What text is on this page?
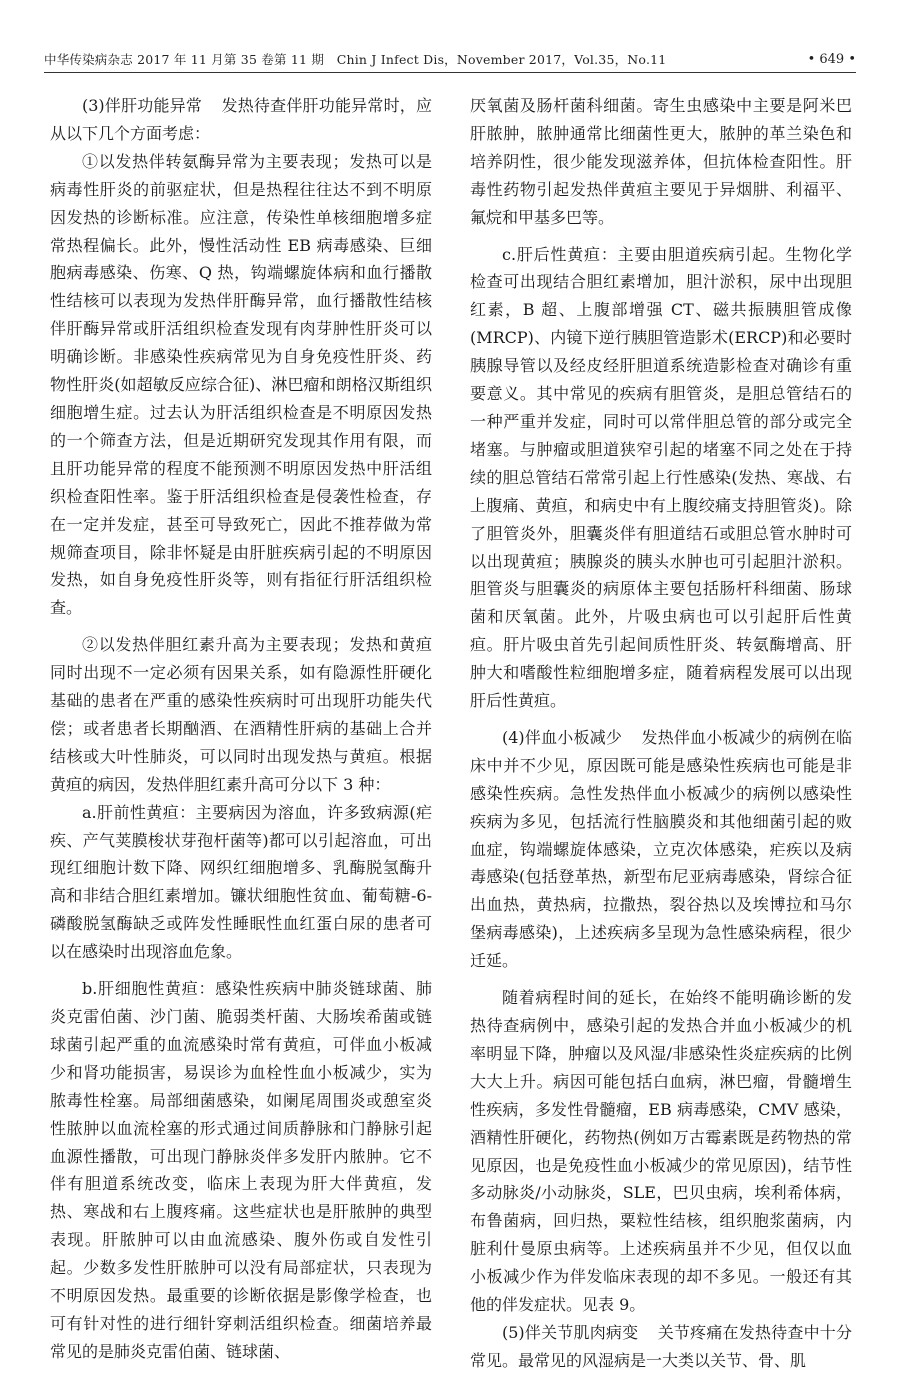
中华传染病杂志 2017 年 11 月第 35 卷第 11 期　Chin J Infect Dis，November 2017，Vol.35，No.11	• 649 •

(3)伴肝功能异常 发热待查伴肝功能异常时，应从以下几个方面考虑：

①以发热伴转氨酶异常为主要表现；发热可以是病毒性肝炎的前驱症状，但是热程往往达不到不明原因发热的诊断标准。应注意，传染性单核细胞增多症常热程偏长。此外，慢性活动性 EB 病毒感染、巨细胞病毒感染、伤寒、Q 热，钩端螺旋体病和血行播散性结核可以表现为发热伴肝酶异常，血行播散性结核伴肝酶异常或肝活组织检查发现有肉芽肿性肝炎可以明确诊断。非感染性疾病常见为自身免疫性肝炎、药物性肝炎(如超敏反应综合征)、淋巴瘤和朗格汉斯组织细胞增生症。过去认为肝活组织检查是不明原因发热的一个筛查方法，但是近期研究发现其作用有限，而且肝功能异常的程度不能预测不明原因发热中肝活组织检查阳性率。鉴于肝活组织检查是侵袭性检查，存在一定并发症，甚至可导致死亡，因此不推荐做为常规筛查项目，除非怀疑是由肝脏疾病引起的不明原因发热，如自身免疫性肝炎等，则有指征行肝活组织检查。

②以发热伴胆红素升高为主要表现；发热和黄疸同时出现不一定必须有因果关系，如有隐源性肝硬化基础的患者在严重的感染性疾病时可出现肝功能失代偿；或者患者长期酗酒、在酒精性肝病的基础上合并结核或大叶性肺炎，可以同时出现发热与黄疸。根据黄疸的病因，发热伴胆红素升高可分以下 3 种：

a.肝前性黄疸：主要病因为溶血，许多致病源(疟疾、产气荚膜梭状芽孢杆菌等)都可以引起溶血，可出现红细胞计数下降、网织红细胞增多、乳酶脱氢酶升高和非结合胆红素增加。镰状细胞性贫血、葡萄糖-6-磷酸脱氢酶缺乏或阵发性睡眠性血红蛋白尿的患者可以在感染时出现溶血危象。

b.肝细胞性黄疸：感染性疾病中肺炎链球菌、肺炎克雷伯菌、沙门菌、脆弱类杆菌、大肠埃希菌或链球菌引起严重的血流感染时常有黄疸，可伴血小板减少和肾功能损害，易误诊为血栓性血小板减少，实为脓毒性栓塞。局部细菌感染，如阑尾周围炎或憩室炎性脓肿以血流栓塞的形式通过间质静脉和门静脉引起血源性播散，可出现门静脉炎伴多发肝内脓肿。它不伴有胆道系统改变，临床上表现为肝大伴黄疸，发热、寒战和右上腹疼痛。这些症状也是肝脓肿的典型表现。肝脓肿可以由血流感染、腹外伤或自发性引起。少数多发性肝脓肿可以没有局部症状，只表现为不明原因发热。最重要的诊断依据是影像学检查，也可有针对性的进行细针穿刺活组织检查。细菌培养最常见的是肺炎克雷伯菌、链球菌、

厌氧菌及肠杆菌科细菌。寄生虫感染中主要是阿米巴肝脓肿，脓肿通常比细菌性更大，脓肿的革兰染色和培养阴性，很少能发现滋养体，但抗体检查阳性。肝毒性药物引起发热伴黄疸主要见于异烟肼、利福平、氟烷和甲基多巴等。

c.肝后性黄疸：主要由胆道疾病引起。生物化学检查可出现结合胆红素增加，胆汁淤积，尿中出现胆红素，B 超、上腹部增强 CT、磁共振胰胆管成像(MRCP)、内镜下逆行胰胆管造影术(ERCP)和必要时胰腺导管以及经皮经肝胆道系统造影检查对确诊有重要意义。其中常见的疾病有胆管炎，是胆总管结石的一种严重并发症，同时可以常伴胆总管的部分或完全堵塞。与肿瘤或胆道狭窄引起的堵塞不同之处在于持续的胆总管结石常常引起上行性感染(发热、寒战、右上腹痛、黄疸，和病史中有上腹绞痛支持胆管炎)。除了胆管炎外，胆囊炎伴有胆道结石或胆总管水肿时可以出现黄疸；胰腺炎的胰头水肿也可引起胆汁淤积。胆管炎与胆囊炎的病原体主要包括肠杆科细菌、肠球菌和厌氧菌。此外，片吸虫病也可以引起肝后性黄疸。肝片吸虫首先引起间质性肝炎、转氨酶增高、肝肿大和嗜酸性粒细胞增多症，随着病程发展可以出现肝后性黄疸。

(4)伴血小板减少 发热伴血小板减少的病例在临床中并不少见，原因既可能是感染性疾病也可能是非感染性疾病。急性发热伴血小板减少的病例以感染性疾病为多见，包括流行性脑膜炎和其他细菌引起的败血症，钩端螺旋体感染，立克次体感染，疟疾以及病毒感染(包括登革热，新型布尼亚病毒感染，肾综合征出血热，黄热病，拉撒热，裂谷热以及埃博拉和马尔堡病毒感染)，上述疾病多呈现为急性感染病程，很少迁延。

随着病程时间的延长，在始终不能明确诊断的发热待查病例中，感染引起的发热合并血小板减少的机率明显下降，肿瘤以及风湿/非感染性炎症疾病的比例大大上升。病因可能包括白血病，淋巴瘤，骨髓增生性疾病，多发性骨髓瘤，EB 病毒感染，CMV 感染，酒精性肝硬化，药物热(例如万古霉素既是药物热的常见原因，也是免疫性血小板减少的常见原因)，结节性多动脉炎/小动脉炎，SLE，巴贝虫病，埃利希体病，布鲁菌病，回归热，粟粒性结核，组织胞浆菌病，内脏利什曼原虫病等。上述疾病虽并不少见，但仅以血小板减少作为伴发临床表现的却不多见。一般还有其他的伴发症状。见表 9。

(5)伴关节肌肉病变 关节疼痛在发热待查中十分常见。最常见的风湿病是一大类以关节、骨、肌
